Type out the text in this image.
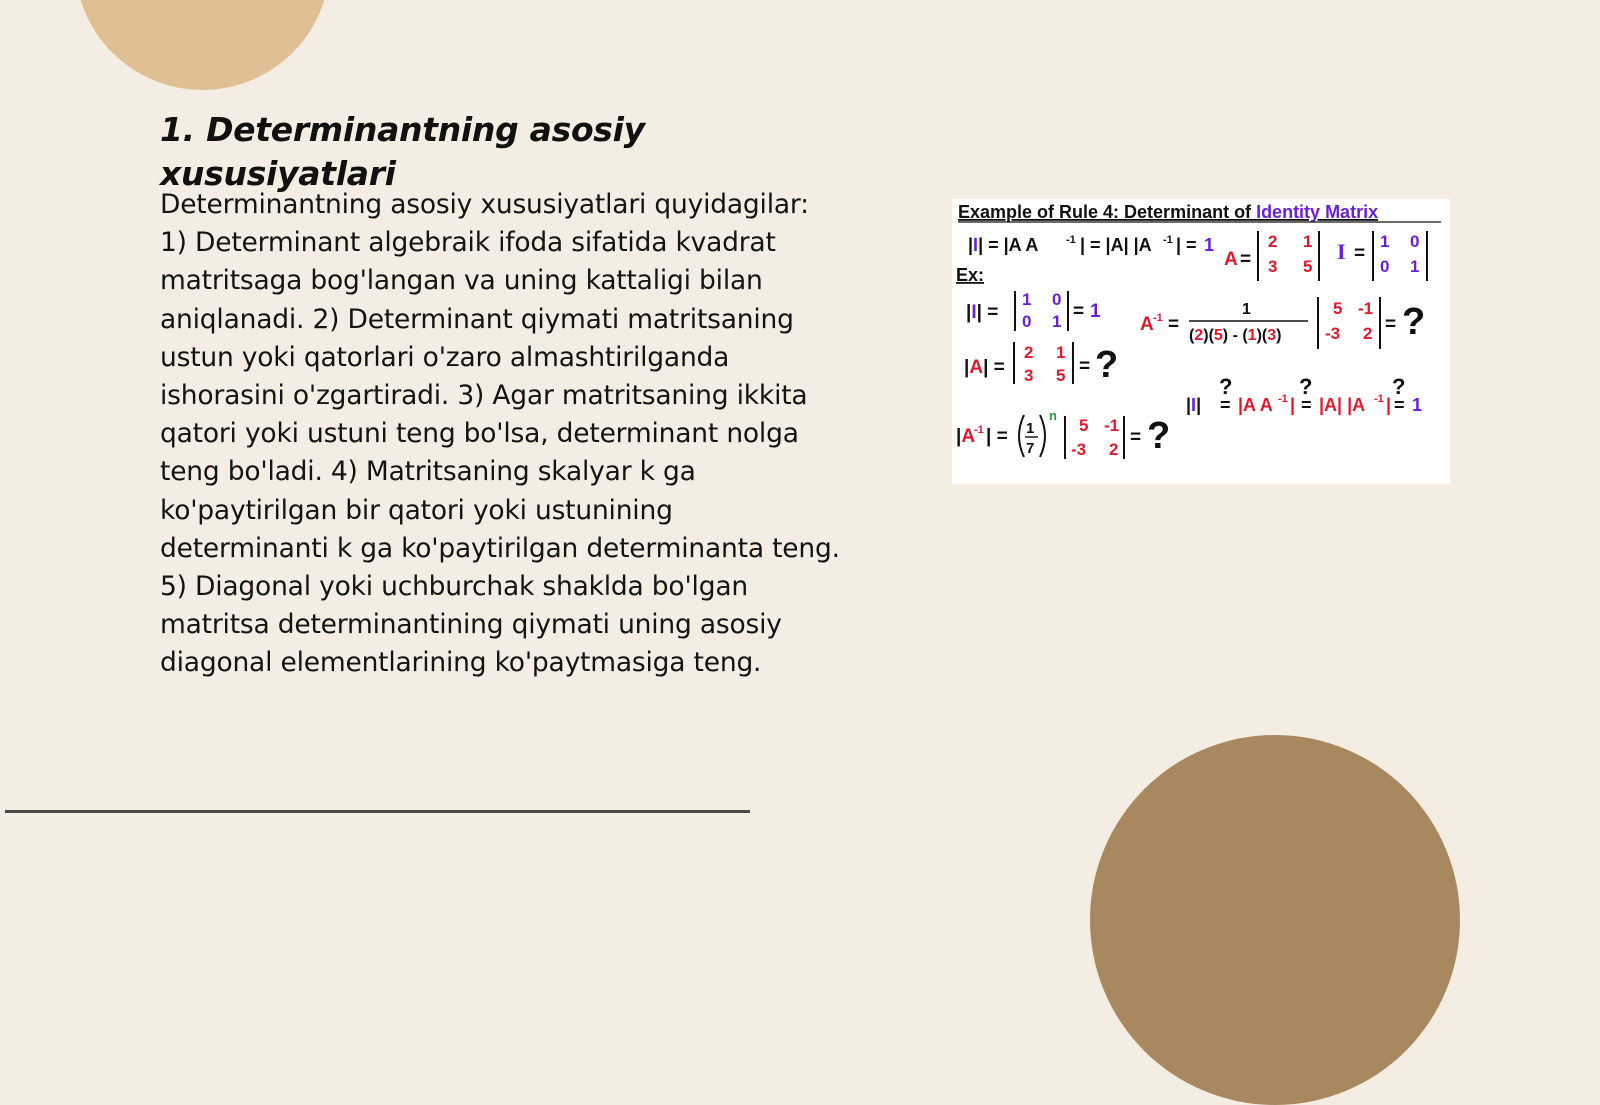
1. Determinantning asosiy xususiyatlari

Determinantning asosiy xususiyatlari quyidagilar: 1) Determinant algebraik ifoda sifatida kvadrat matritsaga bog'langan va uning kattaligi bilan aniqlanadi. 2) Determinant qiymati matritsaning ustun yoki qatorlari o'zaro almashtirilganda ishorasini o'zgartiradi. 3) Agar matritsaning ikkita qatori yoki ustuni teng bo'lsa, determinant nolga teng bo'ladi. 4) Matritsaning skalyar k ga ko'paytirilgan bir qatori yoki ustunining determinanti k ga ko'paytirilgan determinanta teng. 5) Diagonal yoki uchburchak shaklda bo'lgan matritsa determinantining qiymati uning asosiy diagonal elementlarining ko'paytmasiga teng.

Example of Rule 4: Determinant of Identity Matrix
|I| = |A A	-1 | = |A| |A -1 | = 1
A =
2 1
3 5
I =
1 0
0 1
Ex:
|I| =
1 0
0 1 = 1
A -1 =
1
(2)(5) - (1)(3)
5 -1
-3 2 = ?
|A| =
2 1
3 5 = ?
|I| =
?
|A A -1 | =
?
|A| |A -1 | =
?
1
|A
-1 | = 1
7
n
5 -1
-3 2
= ?
